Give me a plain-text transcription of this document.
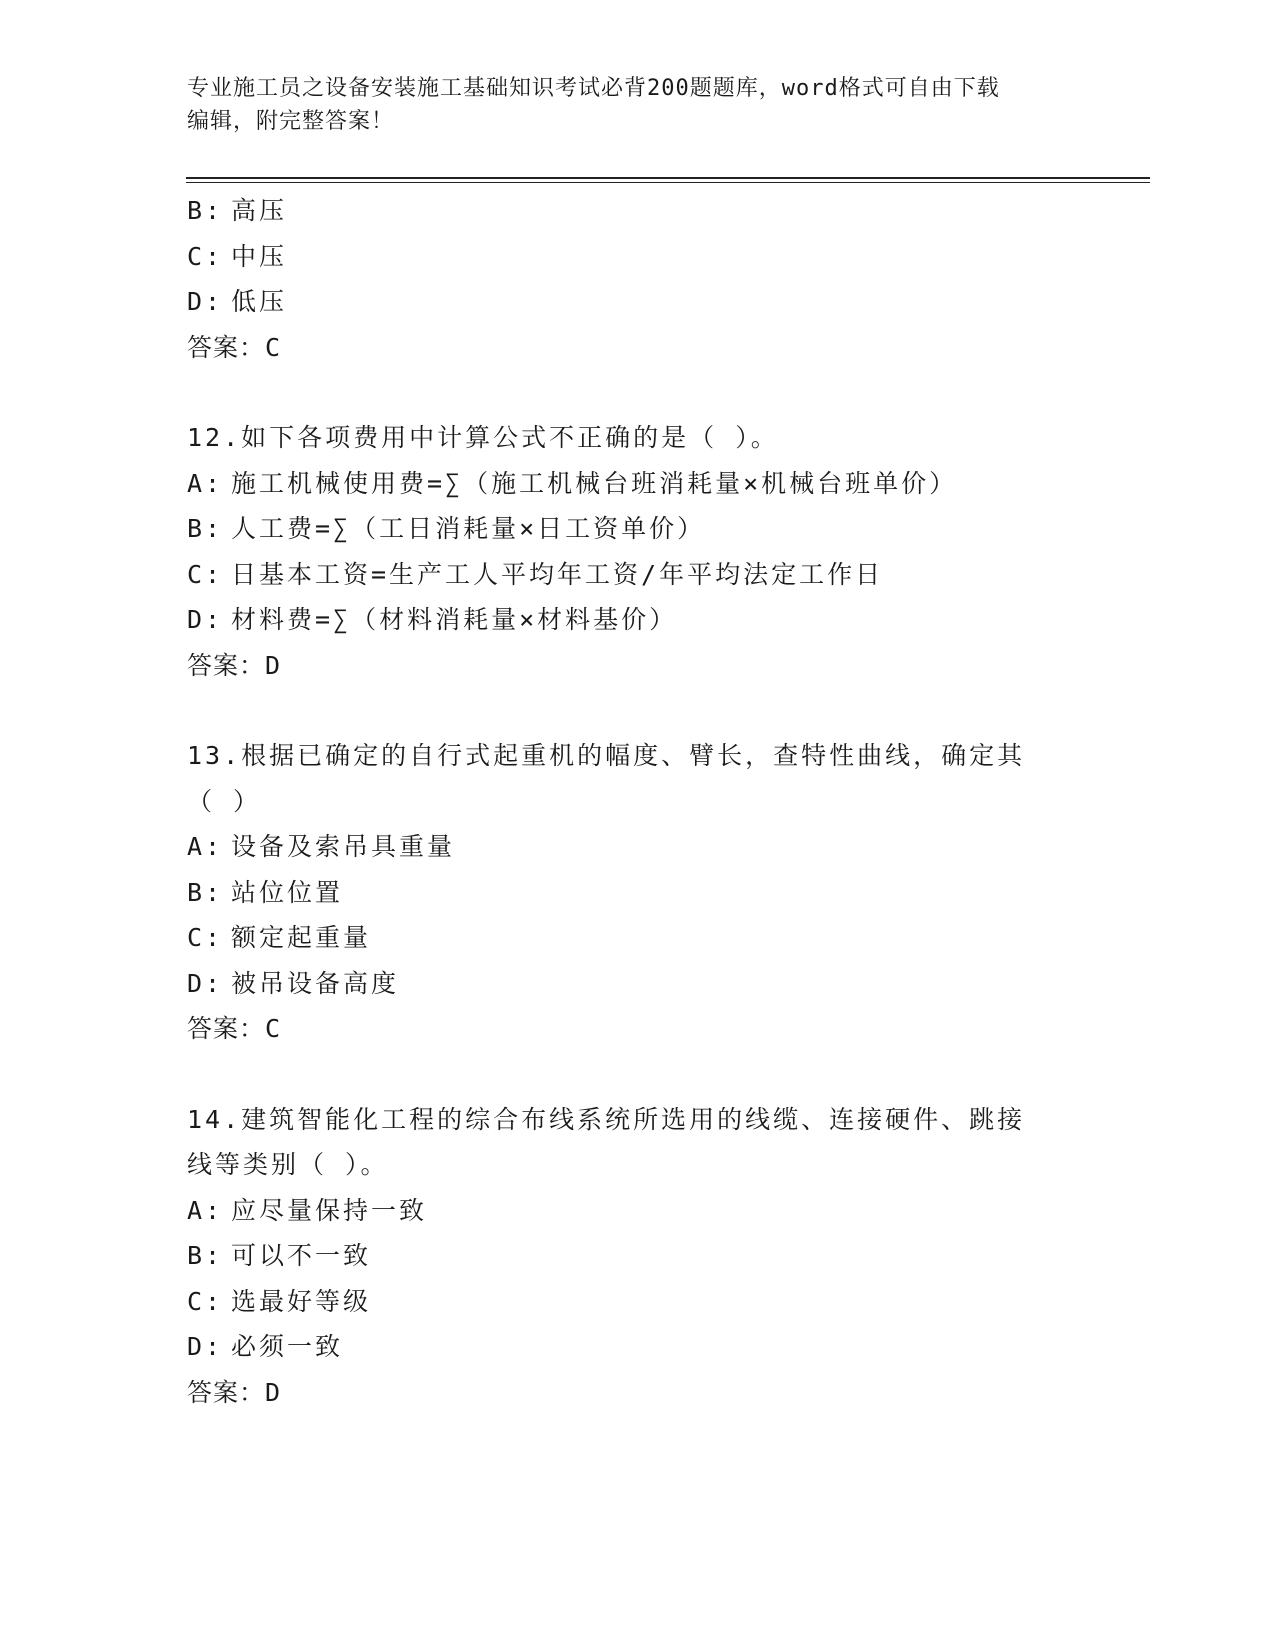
专业施工员之设备安装施工基础知识考试必背200题题库，word格式可自由下载
编辑，附完整答案！
B: 高压
C: 中压
D: 低压
答案：C
12.如下各项费用中计算公式不正确的是（ ）。
A: 施工机械使用费=∑（施工机械台班消耗量×机械台班单价）
B: 人工费=∑（工日消耗量×日工资单价）
C: 日基本工资=生产工人平均年工资/年平均法定工作日
D: 材料费=∑（材料消耗量×材料基价）
答案：D
13.根据已确定的自行式起重机的幅度、臂长，查特性曲线，确定其（ ）
A: 设备及索吊具重量
B: 站位位置
C: 额定起重量
D: 被吊设备高度
答案：C
14.建筑智能化工程的综合布线系统所选用的线缆、连接硬件、跳接线等类别（ ）。
A: 应尽量保持一致
B: 可以不一致
C: 选最好等级
D: 必须一致
答案：D
